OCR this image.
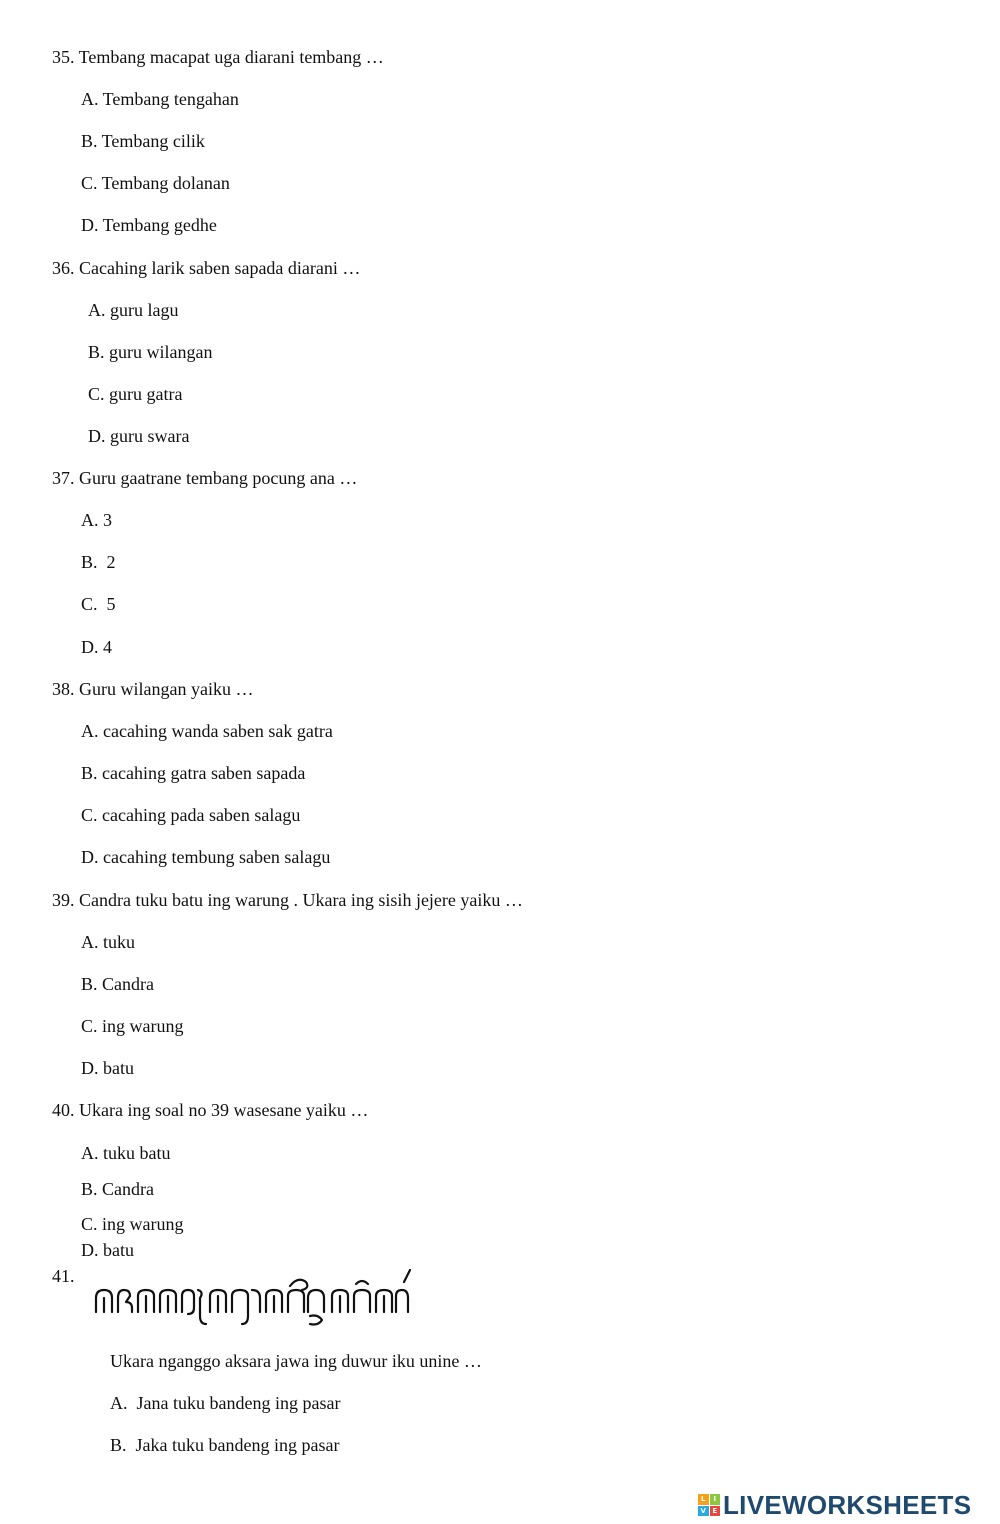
35. Tembang macapat uga diarani tembang …
A. Tembang tengahan
B. Tembang cilik
C. Tembang dolanan
D. Tembang gedhe
36. Cacahing larik saben sapada diarani …
A. guru lagu
B. guru wilangan
C. guru gatra
D. guru swara
37. Guru gaatrane tembang pocung ana …
A. 3
B.  2
C.  5
D. 4
38. Guru wilangan yaiku …
A. cacahing wanda saben sak gatra
B. cacahing gatra saben sapada
C. cacahing pada saben salagu
D. cacahing tembung saben salagu
39. Candra tuku batu ing warung . Ukara ing sisih jejere yaiku …
A. tuku
B. Candra
C. ing warung
D. batu
40. Ukara ing soal no 39 wasesane yaiku …
A. tuku batu
B. Candra
C. ing warung
D. batu
41.
Ukara nganggo aksara jawa ing duwur iku unine …
A.  Jana tuku bandeng ing pasar
B.  Jaka tuku bandeng ing pasar
L	I
V E LIVEWORKSHEETS
